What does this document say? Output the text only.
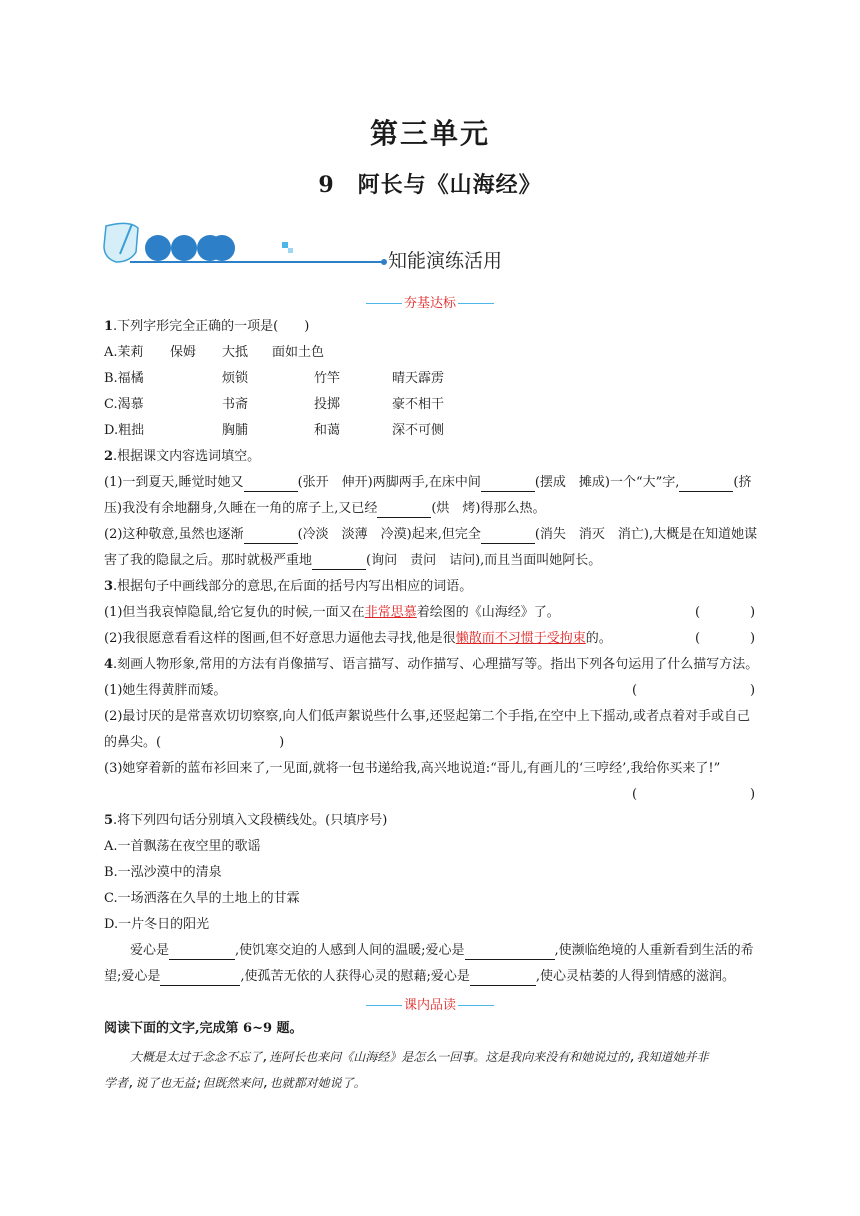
第三单元
9　阿长与《山海经》
知能演练活用
夯基达标
1.下列字形完全正确的一项是(　　)
A.茉莉 保姆 大抵 面如土色
B.福橘	烦锁	竹竿	晴天霹雳
C.渴慕	书斋	投掷	豪不相干
D.粗拙	胸脯	和蔼	深不可侧
2.根据课文内容选词填空。
(1)一到夏天,睡觉时她又	(张开　伸开)两脚两手,在床中间	(摆成　摊成)一个“大”字,	(挤
压)我没有余地翻身,久睡在一角的席子上,又已经	(烘　烤)得那么热。
(2)这种敬意,虽然也逐渐	(冷淡　淡薄　冷漠)起来,但完全	(消失　消灭　消亡),大概是在知道她谋
害了我的隐鼠之后。那时就极严重地	(询问　责问　诘问),而且当面叫她阿长。
3.根据句子中画线部分的意思,在后面的括号内写出相应的词语。
(1)但当我哀悼隐鼠,给它复仇的时候,一面又在非常思慕着绘图的《山海经》了。	(	)
(2)我很愿意看看这样的图画,但不好意思力逼他去寻找,他是很懒散而不习惯于受拘束的。	(	)
4.刻画人物形象,常用的方法有肖像描写、语言描写、动作描写、心理描写等。指出下列各句运用了什么描写方法。
(1)她生得黄胖而矮。	(	)
(2)最讨厌的是常喜欢切切察察,向人们低声絮说些什么事,还竖起第二个手指,在空中上下摇动,或者点着对手或自己
的鼻尖。(	)
(3)她穿着新的蓝布衫回来了,一见面,就将一包书递给我,高兴地说道:“哥儿,有画儿的‘三哼经’,我给你买来了!”
(	)
5.将下列四句话分别填入文段横线处。(只填序号)
A.一首飘荡在夜空里的歌谣
B.一泓沙漠中的清泉
C.一场洒落在久旱的土地上的甘霖
D.一片冬日的阳光
爱心是	,使饥寒交迫的人感到人间的温暖;爱心是	,使濒临绝境的人重新看到生活的希
望;爱心是	,使孤苦无依的人获得心灵的慰藉;爱心是	,使心灵枯萎的人得到情感的滋润。
课内品读
阅读下面的文字,完成第 6~9 题。
大概是太过于念念不忘了,连阿长也来问《山海经》是怎么一回事。这是我向来没有和她说过的,我知道她并非
学者,说了也无益;但既然来问,也就都对她说了。
